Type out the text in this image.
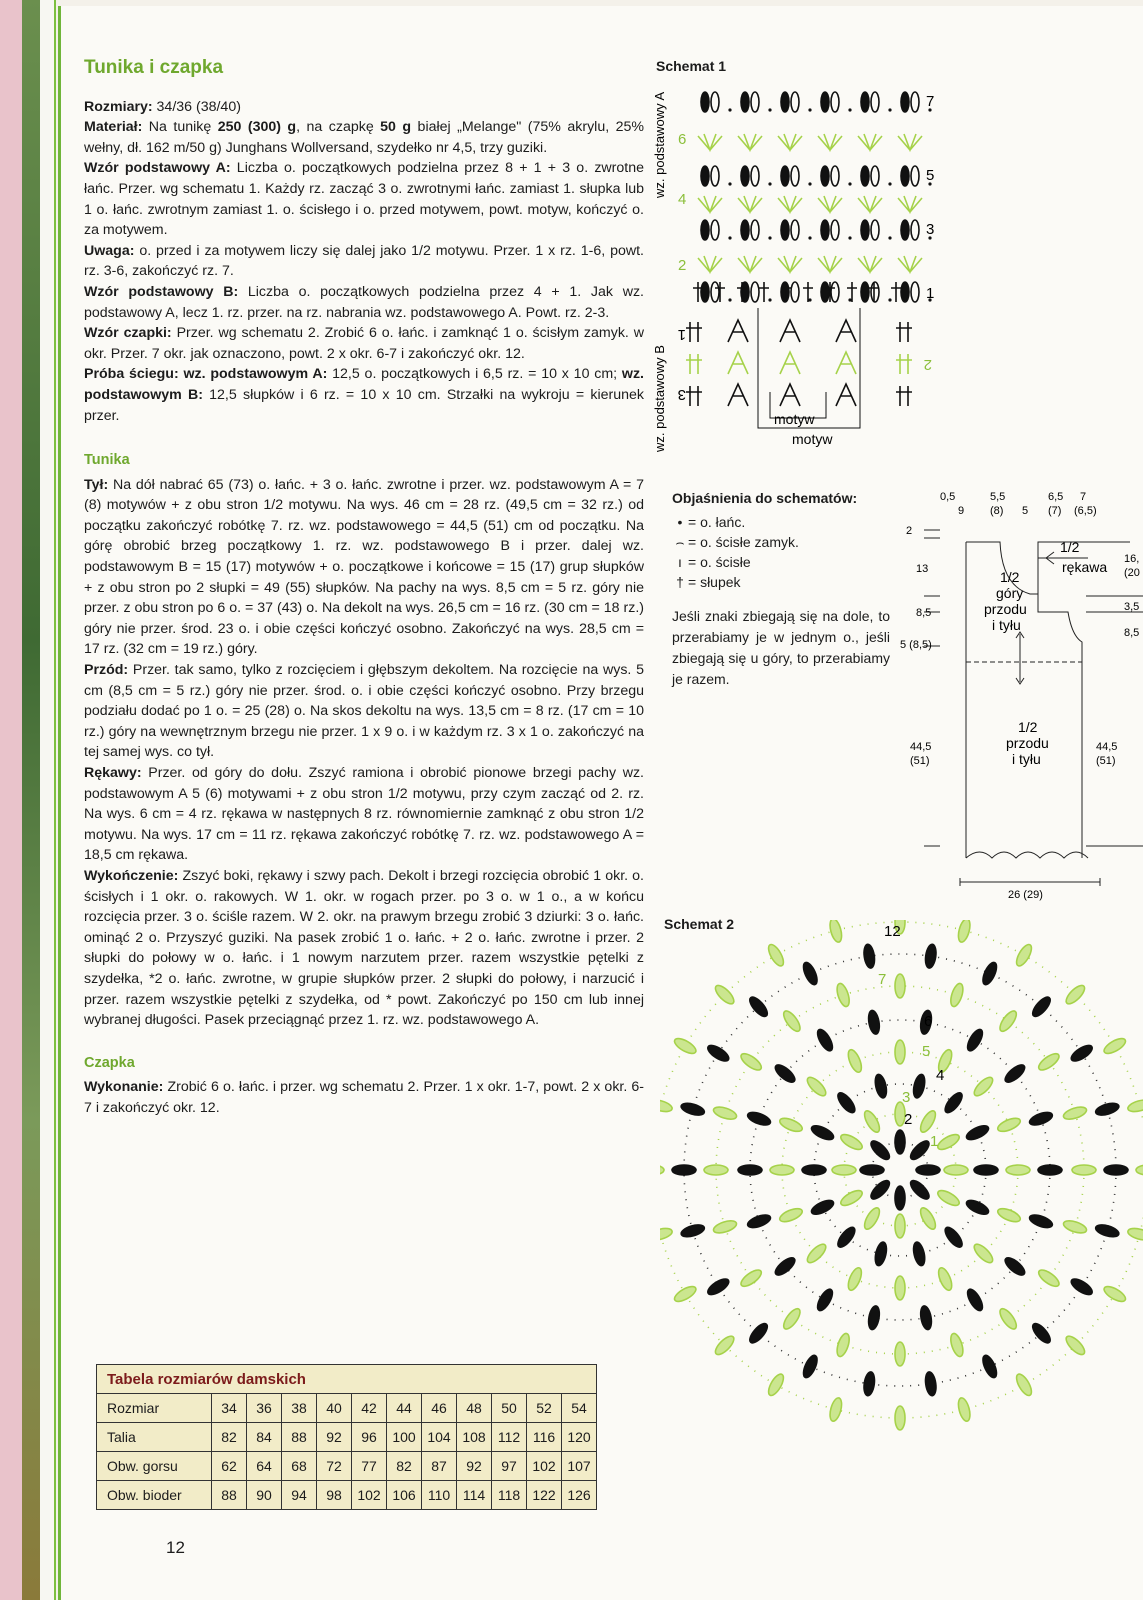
Tunika i czapka

Rozmiary: 34/36 (38/40)
Materiał: Na tunikę 250 (300) g, na czapkę 50 g białej „Melange" (75% akrylu, 25% wełny, dł. 162 m/50 g) Junghans Wollversand, szydełko nr 4,5, trzy guziki.
Wzór podstawowy A: Liczba o. początkowych podzielna przez 8 + 1 + 3 o. zwrotne łańc. Przer. wg schematu 1. Każdy rz. zacząć 3 o. zwrotnymi łańc. zamiast 1. słupka lub 1 o. łańc. zwrotnym zamiast 1. o. ścisłego i o. przed motywem, powt. motyw, kończyć o. za motywem.
Uwaga: o. przed i za motywem liczy się dalej jako 1/2 motywu. Przer. 1 x rz. 1-6, powt. rz. 3-6, zakończyć rz. 7.
Wzór podstawowy B: Liczba o. początkowych podzielna przez 4 + 1. Jak wz. podstawowy A, lecz 1. rz. przer. na rz. nabrania wz. podstawowego A. Powt. rz. 2-3.
Wzór czapki: Przer. wg schematu 2. Zrobić 6 o. łańc. i zamknąć 1 o. ścisłym zamyk. w okr. Przer. 7 okr. jak oznaczono, powt. 2 x okr. 6-7 i zakończyć okr. 12.
Próba ściegu: wz. podstawowym A: 12,5 o. początkowych i 6,5 rz. = 10 x 10 cm; wz. podstawowym B: 12,5 słupków i 6 rz. = 10 x 10 cm. Strzałki na wykroju = kierunek przer.

Tunika

Tył: Na dół nabrać 65 (73) o. łańc. + 3 o. łańc. zwrotne i przer. wz. podstawowym A = 7 (8) motywów + z obu stron 1/2 motywu. Na wys. 46 cm = 28 rz. (49,5 cm = 32 rz.) od początku zakończyć robótkę 7. rz. wz. podstawowego = 44,5 (51) cm od początku. Na górę obrobić brzeg początkowy 1. rz. wz. podstawowego B i przer. dalej wz. podstawowym B = 15 (17) motywów + o. początkowe i końcowe = 15 (17) grup słupków + z obu stron po 2 słupki = 49 (55) słupków. Na pachy na wys. 8,5 cm = 5 rz. góry nie przer. z obu stron po 6 o. = 37 (43) o. Na dekolt na wys. 26,5 cm = 16 rz. (30 cm = 18 rz.) góry nie przer. środ. 23 o. i obie części kończyć osobno. Zakończyć na wys. 28,5 cm = 17 rz. (32 cm = 19 rz.) góry.
Przód: Przer. tak samo, tylko z rozcięciem i głębszym dekoltem. Na rozcięcie na wys. 5 cm (8,5 cm = 5 rz.) góry nie przer. środ. o. i obie części kończyć osobno. Przy brzegu podziału dodać po 1 o. = 25 (28) o. Na skos dekoltu na wys. 13,5 cm = 8 rz. (17 cm = 10 rz.) góry na wewnętrznym brzegu nie przer. 1 x 9 o. i w każdym rz. 3 x 1 o. zakończyć na tej samej wys. co tył.
Rękawy: Przer. od góry do dołu. Zszyć ramiona i obrobić pionowe brzegi pachy wz. podstawowym A 5 (6) motywami + z obu stron 1/2 motywu, przy czym zacząć od 2. rz. Na wys. 6 cm = 4 rz. rękawa w następnych 8 rz. równomiernie zamknąć z obu stron 1/2 motywu. Na wys. 17 cm = 11 rz. rękawa zakończyć robótkę 7. rz. wz. podstawowego A = 18,5 cm rękawa.
Wykończenie: Zszyć boki, rękawy i szwy pach. Dekolt i brzegi rozcięcia obrobić 1 okr. o. ścisłych i 1 okr. o. rakowych. W 1. okr. w rogach przer. po 3 o. w 1 o., a w końcu rozcięcia przer. 3 o. ściśle razem. W 2. okr. na prawym brzegu zrobić 3 dziurki: 3 o. łańc. ominąć 2 o. Przyszyć guziki. Na pasek zrobić 1 o. łańc. + 2 o. łańc. zwrotne i przer. 2 słupki do połowy w o. łańc. i 1 nowym narzutem przer. razem wszystkie pętelki z szydełka, *2 o. łańc. zwrotne, w grupie słupków przer. 2 słupki do połowy, i narzucić i przer. razem wszystkie pętelki z szydełka, od * powt. Zakończyć po 150 cm lub innej wybranej długości. Pasek przeciągnąć przez 1. rz. wz. podstawowego A.

Czapka

Wykonanie: Zrobić 6 o. łańc. i przer. wg schematu 2. Przer. 1 x okr. 1-7, powt. 2 x okr. 6-7 i zakończyć okr. 12.

Tabela rozmiarów damskich											
Rozmiar	34	36	38	40	42	44	46	48	50	52	54
Talia	82	84	88	92	96	100	104	108	112	116	120
Obw. gorsu	62	64	68	72	77	82	87	92	97	102	107
Obw. bioder	88	90	94	98	102	106	110	114	118	122	126
12
Schemat 1
wz. podstawowy A
wz. podstawowy B
7
5
3
1
6
4
2
1
3
2
motyw
motyw
Objaśnienia do schematów:
• = o. łańc.
⌢ = o. ścisłe zamyk.
ı = o. ścisłe
† = słupek
Jeśli znaki zbiegają się na dole, to przerabiamy je w jednym o., jeśli zbiegają się u góry, to przerabiamy je razem.
0,5
9
5,5
(8) 5
6,5
(7)
7
(6,5)
2
13
8,5
5 (8,5)
44,5
(51)
16,
(20
3,5
8,5
44,5
(51)
1/2
rękawa
1/2
góry
przodu
i tyłu
1/2
przodu
i tyłu
26 (29)
Schemat 2	12
7
6
5
4
3
2
1
